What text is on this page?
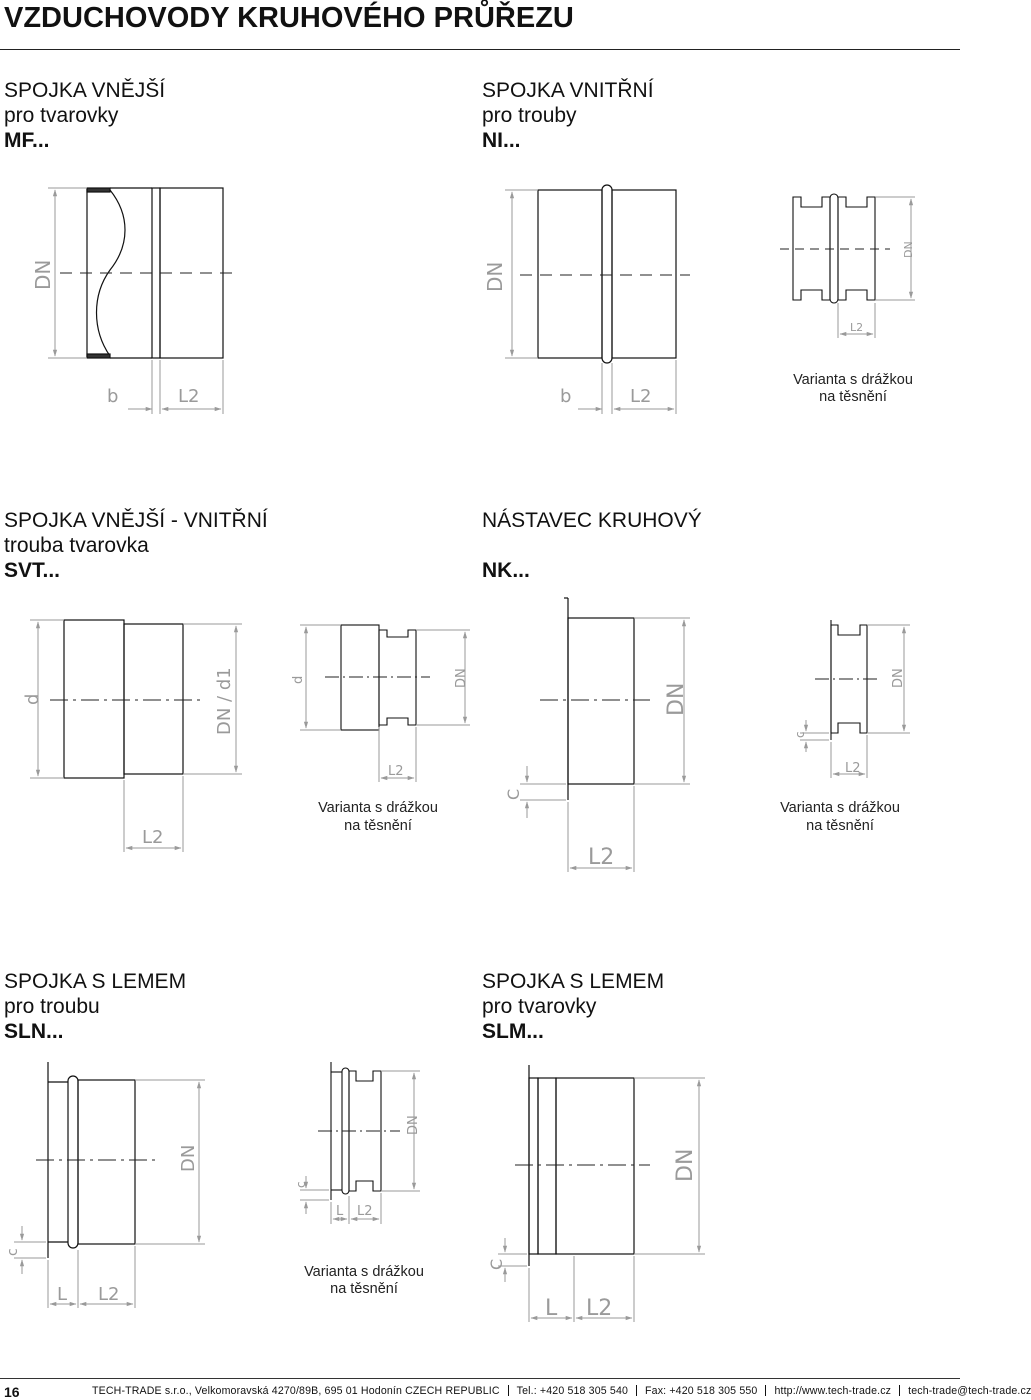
VZDUCHOVODY KRUHOVÉHO PRŮŘEZU
SPOJKA VNĚJŠÍ
pro tvarovky
MF...
SPOJKA VNITŘNÍ
pro trouby
NI...
SPOJKA VNĚJŠÍ - VNITŘNÍ
trouba tvarovka
SVT...
NÁSTAVEC KRUHOVÝ
NK...
SPOJKA S LEMEM
pro troubu
SLN...
SPOJKA S LEMEM
pro tvarovky
SLM...
DN
b	L2
DN
b	L2
DN
L2
Varianta s drážkou
na těsnění
d	DN / d1
L2
d	DN
L2
Varianta s drážkou
na těsnění
DN
C
L2
DN
c
L2
Varianta s drážkou
na těsnění
DN
c
L L2
DN
c
L L2
Varianta s drážkou
na těsnění
DN
C
L L2
16	TECH-TRADE s.r.o., Velkomoravská 4270/89B, 695 01 Hodonín CZECH REPUBLIC Tel.: +420 518 305 540 Fax: +420 518 305 550 http://www.tech-trade.cz tech-trade@tech-trade.cz
